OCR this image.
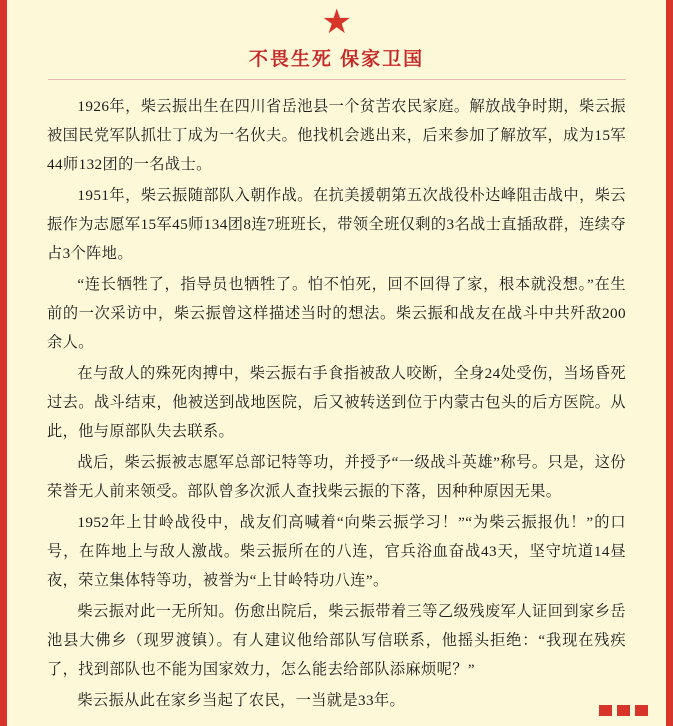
★
不畏生死 保家卫国

1926年，柴云振出生在四川省岳池县一个贫苦农民家庭。解放战争时期，柴云振被国民党军队抓壮丁成为一名伙夫。他找机会逃出来，后来参加了解放军，成为15军44师132团的一名战士。

1951年，柴云振随部队入朝作战。在抗美援朝第五次战役朴达峰阻击战中，柴云振作为志愿军15军45师134团8连7班班长，带领全班仅剩的3名战士直插敌群，连续夺占3个阵地。

“连长牺牲了，指导员也牺牲了。怕不怕死，回不回得了家，根本就没想。”在生前的一次采访中，柴云振曾这样描述当时的想法。柴云振和战友在战斗中共歼敌200余人。

在与敌人的殊死肉搏中，柴云振右手食指被敌人咬断，全身24处受伤，当场昏死过去。战斗结束，他被送到战地医院，后又被转送到位于内蒙古包头的后方医院。从此，他与原部队失去联系。

战后，柴云振被志愿军总部记特等功，并授予“一级战斗英雄”称号。只是，这份荣誉无人前来领受。部队曾多次派人查找柴云振的下落，因种种原因无果。

1952年上甘岭战役中，战友们高喊着“向柴云振学习！”“为柴云振报仇！”的口号，在阵地上与敌人激战。柴云振所在的八连，官兵浴血奋战43天，坚守坑道14昼夜，荣立集体特等功，被誉为“上甘岭特功八连”。

柴云振对此一无所知。伤愈出院后，柴云振带着三等乙级残废军人证回到家乡岳池县大佛乡（现罗渡镇）。有人建议他给部队写信联系，他摇头拒绝：“我现在残疾了，找到部队也不能为国家效力，怎么能去给部队添麻烦呢？”

柴云振从此在家乡当起了农民，一当就是33年。
